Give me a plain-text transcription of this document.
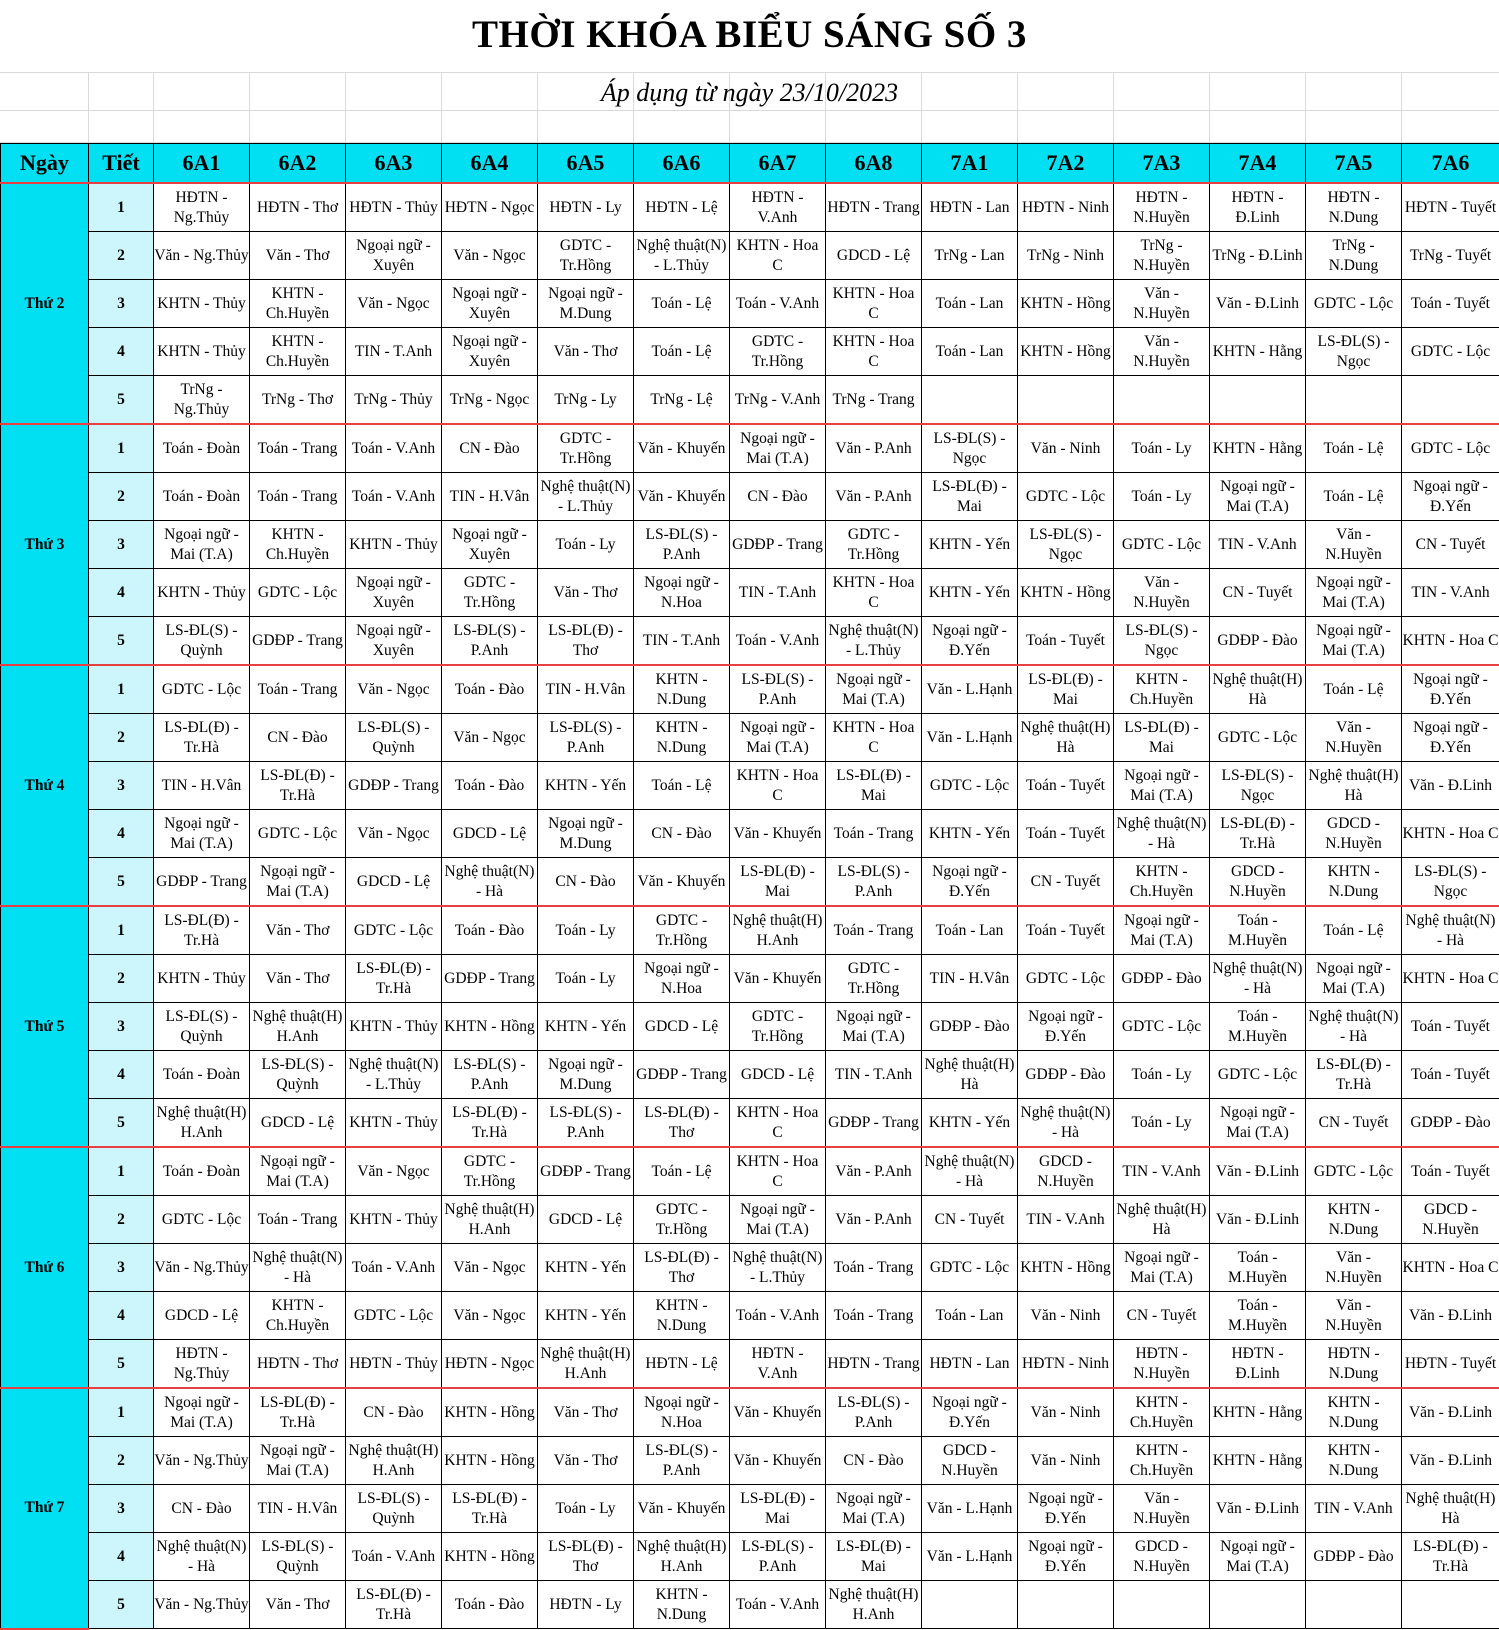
THỜI KHÓA BIỂU SÁNG SỐ 3
Áp dụng từ ngày 23/10/2023
Ngày	Tiết	6A1	6A2	6A3	6A4	6A5	6A6	6A7	6A8	7A1	7A2	7A3	7A4	7A5	7A6
Thứ 2	1	HĐTN - Ng.Thủy	HĐTN - Thơ	HĐTN - Thủy	HĐTN - Ngọc	HĐTN - Ly	HĐTN - Lệ	HĐTN - V.Anh	HĐTN - Trang	HĐTN - Lan	HĐTN - Ninh	HĐTN - N.Huyền	HĐTN - Đ.Linh	HĐTN - N.Dung	HĐTN - Tuyết
	2	Văn - Ng.Thủy	Văn - Thơ	Ngoại ngữ - Xuyên	Văn - Ngọc	GDTC - Tr.Hồng	Nghệ thuật(N) - L.Thủy	KHTN - Hoa C	GDCD - Lệ	TrNg - Lan	TrNg - Ninh	TrNg - N.Huyền	TrNg - Đ.Linh	TrNg - N.Dung	TrNg - Tuyết
	3	KHTN - Thủy	KHTN - Ch.Huyền	Văn - Ngọc	Ngoại ngữ - Xuyên	Ngoại ngữ - M.Dung	Toán - Lệ	Toán - V.Anh	KHTN - Hoa C	Toán - Lan	KHTN - Hồng	Văn - N.Huyền	Văn - Đ.Linh	GDTC - Lộc	Toán - Tuyết
	4	KHTN - Thủy	KHTN - Ch.Huyền	TIN - T.Anh	Ngoại ngữ - Xuyên	Văn - Thơ	Toán - Lệ	GDTC - Tr.Hồng	KHTN - Hoa C	Toán - Lan	KHTN - Hồng	Văn - N.Huyền	KHTN - Hằng	LS-ĐL(S) - Ngọc	GDTC - Lộc
	5	TrNg - Ng.Thủy	TrNg - Thơ	TrNg - Thủy	TrNg - Ngọc	TrNg - Ly	TrNg - Lệ	TrNg - V.Anh	TrNg - Trang						
Thứ 3	1	Toán - Đoàn	Toán - Trang	Toán - V.Anh	CN - Đào	GDTC - Tr.Hồng	Văn - Khuyến	Ngoại ngữ - Mai (T.A)	Văn - P.Anh	LS-ĐL(S) - Ngọc	Văn - Ninh	Toán - Ly	KHTN - Hằng	Toán - Lệ	GDTC - Lộc
	2	Toán - Đoàn	Toán - Trang	Toán - V.Anh	TIN - H.Vân	Nghệ thuật(N) - L.Thủy	Văn - Khuyến	CN - Đào	Văn - P.Anh	LS-ĐL(Đ) - Mai	GDTC - Lộc	Toán - Ly	Ngoại ngữ - Mai (T.A)	Toán - Lệ	Ngoại ngữ - Đ.Yến
	3	Ngoại ngữ - Mai (T.A)	KHTN - Ch.Huyền	KHTN - Thủy	Ngoại ngữ - Xuyên	Toán - Ly	LS-ĐL(S) - P.Anh	GDĐP - Trang	GDTC - Tr.Hồng	KHTN - Yến	LS-ĐL(S) - Ngọc	GDTC - Lộc	TIN - V.Anh	Văn - N.Huyền	CN - Tuyết
	4	KHTN - Thủy	GDTC - Lộc	Ngoại ngữ - Xuyên	GDTC - Tr.Hồng	Văn - Thơ	Ngoại ngữ - N.Hoa	TIN - T.Anh	KHTN - Hoa C	KHTN - Yến	KHTN - Hồng	Văn - N.Huyền	CN - Tuyết	Ngoại ngữ - Mai (T.A)	TIN - V.Anh
	5	LS-ĐL(S) - Quỳnh	GDĐP - Trang	Ngoại ngữ - Xuyên	LS-ĐL(S) - P.Anh	LS-ĐL(Đ) - Thơ	TIN - T.Anh	Toán - V.Anh	Nghệ thuật(N) - L.Thủy	Ngoại ngữ - Đ.Yến	Toán - Tuyết	LS-ĐL(S) - Ngọc	GDĐP - Đào	Ngoại ngữ - Mai (T.A)	KHTN - Hoa C
Thứ 4	1	GDTC - Lộc	Toán - Trang	Văn - Ngọc	Toán - Đào	TIN - H.Vân	KHTN - N.Dung	LS-ĐL(S) - P.Anh	Ngoại ngữ - Mai (T.A)	Văn - L.Hạnh	LS-ĐL(Đ) - Mai	KHTN - Ch.Huyền	Nghệ thuật(H) Hà	Toán - Lệ	Ngoại ngữ - Đ.Yến
	2	LS-ĐL(Đ) - Tr.Hà	CN - Đào	LS-ĐL(S) - Quỳnh	Văn - Ngọc	LS-ĐL(S) - P.Anh	KHTN - N.Dung	Ngoại ngữ - Mai (T.A)	KHTN - Hoa C	Văn - L.Hạnh	Nghệ thuật(H) Hà	LS-ĐL(Đ) - Mai	GDTC - Lộc	Văn - N.Huyền	Ngoại ngữ - Đ.Yến
	3	TIN - H.Vân	LS-ĐL(Đ) - Tr.Hà	GDĐP - Trang	Toán - Đào	KHTN - Yến	Toán - Lệ	KHTN - Hoa C	LS-ĐL(Đ) - Mai	GDTC - Lộc	Toán - Tuyết	Ngoại ngữ - Mai (T.A)	LS-ĐL(S) - Ngọc	Nghệ thuật(H) Hà	Văn - Đ.Linh
	4	Ngoại ngữ - Mai (T.A)	GDTC - Lộc	Văn - Ngọc	GDCD - Lệ	Ngoại ngữ - M.Dung	CN - Đào	Văn - Khuyến	Toán - Trang	KHTN - Yến	Toán - Tuyết	Nghệ thuật(N) - Hà	LS-ĐL(Đ) - Tr.Hà	GDCD - N.Huyền	KHTN - Hoa C
	5	GDĐP - Trang	Ngoại ngữ - Mai (T.A)	GDCD - Lệ	Nghệ thuật(N) - Hà	CN - Đào	Văn - Khuyến	LS-ĐL(Đ) - Mai	LS-ĐL(S) - P.Anh	Ngoại ngữ - Đ.Yến	CN - Tuyết	KHTN - Ch.Huyền	GDCD - N.Huyền	KHTN - N.Dung	LS-ĐL(S) - Ngọc
Thứ 5	1	LS-ĐL(Đ) - Tr.Hà	Văn - Thơ	GDTC - Lộc	Toán - Đào	Toán - Ly	GDTC - Tr.Hồng	Nghệ thuật(H) H.Anh	Toán - Trang	Toán - Lan	Toán - Tuyết	Ngoại ngữ - Mai (T.A)	Toán - M.Huyền	Toán - Lệ	Nghệ thuật(N) - Hà
	2	KHTN - Thủy	Văn - Thơ	LS-ĐL(Đ) - Tr.Hà	GDĐP - Trang	Toán - Ly	Ngoại ngữ - N.Hoa	Văn - Khuyến	GDTC - Tr.Hồng	TIN - H.Vân	GDTC - Lộc	GDĐP - Đào	Nghệ thuật(N) - Hà	Ngoại ngữ - Mai (T.A)	KHTN - Hoa C
	3	LS-ĐL(S) - Quỳnh	Nghệ thuật(H) H.Anh	KHTN - Thủy	KHTN - Hồng	KHTN - Yến	GDCD - Lệ	GDTC - Tr.Hồng	Ngoại ngữ - Mai (T.A)	GDĐP - Đào	Ngoại ngữ - Đ.Yến	GDTC - Lộc	Toán - M.Huyền	Nghệ thuật(N) - Hà	Toán - Tuyết
	4	Toán - Đoàn	LS-ĐL(S) - Quỳnh	Nghệ thuật(N) - L.Thủy	LS-ĐL(S) - P.Anh	Ngoại ngữ - M.Dung	GDĐP - Trang	GDCD - Lệ	TIN - T.Anh	Nghệ thuật(H) Hà	GDĐP - Đào	Toán - Ly	GDTC - Lộc	LS-ĐL(Đ) - Tr.Hà	Toán - Tuyết
	5	Nghệ thuật(H) H.Anh	GDCD - Lệ	KHTN - Thủy	LS-ĐL(Đ) - Tr.Hà	LS-ĐL(S) - P.Anh	LS-ĐL(Đ) - Thơ	KHTN - Hoa C	GDĐP - Trang	KHTN - Yến	Nghệ thuật(N) - Hà	Toán - Ly	Ngoại ngữ - Mai (T.A)	CN - Tuyết	GDĐP - Đào
Thứ 6	1	Toán - Đoàn	Ngoại ngữ - Mai (T.A)	Văn - Ngọc	GDTC - Tr.Hồng	GDĐP - Trang	Toán - Lệ	KHTN - Hoa C	Văn - P.Anh	Nghệ thuật(N) - Hà	GDCD - N.Huyền	TIN - V.Anh	Văn - Đ.Linh	GDTC - Lộc	Toán - Tuyết
	2	GDTC - Lộc	Toán - Trang	KHTN - Thủy	Nghệ thuật(H) H.Anh	GDCD - Lệ	GDTC - Tr.Hồng	Ngoại ngữ - Mai (T.A)	Văn - P.Anh	CN - Tuyết	TIN - V.Anh	Nghệ thuật(H) Hà	Văn - Đ.Linh	KHTN - N.Dung	GDCD - N.Huyền
	3	Văn - Ng.Thủy	Nghệ thuật(N) - Hà	Toán - V.Anh	Văn - Ngọc	KHTN - Yến	LS-ĐL(Đ) - Thơ	Nghệ thuật(N) - L.Thủy	Toán - Trang	GDTC - Lộc	KHTN - Hồng	Ngoại ngữ - Mai (T.A)	Toán - M.Huyền	Văn - N.Huyền	KHTN - Hoa C
	4	GDCD - Lệ	KHTN - Ch.Huyền	GDTC - Lộc	Văn - Ngọc	KHTN - Yến	KHTN - N.Dung	Toán - V.Anh	Toán - Trang	Toán - Lan	Văn - Ninh	CN - Tuyết	Toán - M.Huyền	Văn - N.Huyền	Văn - Đ.Linh
	5	HĐTN - Ng.Thủy	HĐTN - Thơ	HĐTN - Thủy	HĐTN - Ngọc	Nghệ thuật(H) H.Anh	HĐTN - Lệ	HĐTN - V.Anh	HĐTN - Trang	HĐTN - Lan	HĐTN - Ninh	HĐTN - N.Huyền	HĐTN - Đ.Linh	HĐTN - N.Dung	HĐTN - Tuyết
Thứ 7	1	Ngoại ngữ - Mai (T.A)	LS-ĐL(Đ) - Tr.Hà	CN - Đào	KHTN - Hồng	Văn - Thơ	Ngoại ngữ - N.Hoa	Văn - Khuyến	LS-ĐL(S) - P.Anh	Ngoại ngữ - Đ.Yến	Văn - Ninh	KHTN - Ch.Huyền	KHTN - Hằng	KHTN - N.Dung	Văn - Đ.Linh
	2	Văn - Ng.Thủy	Ngoại ngữ - Mai (T.A)	Nghệ thuật(H) H.Anh	KHTN - Hồng	Văn - Thơ	LS-ĐL(S) - P.Anh	Văn - Khuyến	CN - Đào	GDCD - N.Huyền	Văn - Ninh	KHTN - Ch.Huyền	KHTN - Hằng	KHTN - N.Dung	Văn - Đ.Linh
	3	CN - Đào	TIN - H.Vân	LS-ĐL(S) - Quỳnh	LS-ĐL(Đ) - Tr.Hà	Toán - Ly	Văn - Khuyến	LS-ĐL(Đ) - Mai	Ngoại ngữ - Mai (T.A)	Văn - L.Hạnh	Ngoại ngữ - Đ.Yến	Văn - N.Huyền	Văn - Đ.Linh	TIN - V.Anh	Nghệ thuật(H) Hà
	4	Nghệ thuật(N) - Hà	LS-ĐL(S) - Quỳnh	Toán - V.Anh	KHTN - Hồng	LS-ĐL(Đ) - Thơ	Nghệ thuật(H) H.Anh	LS-ĐL(S) - P.Anh	LS-ĐL(Đ) - Mai	Văn - L.Hạnh	Ngoại ngữ - Đ.Yến	GDCD - N.Huyền	Ngoại ngữ - Mai (T.A)	GDĐP - Đào	LS-ĐL(Đ) - Tr.Hà
	5	Văn - Ng.Thủy	Văn - Thơ	LS-ĐL(Đ) - Tr.Hà	Toán - Đào	HĐTN - Ly	KHTN - N.Dung	Toán - V.Anh	Nghệ thuật(H) H.Anh						
